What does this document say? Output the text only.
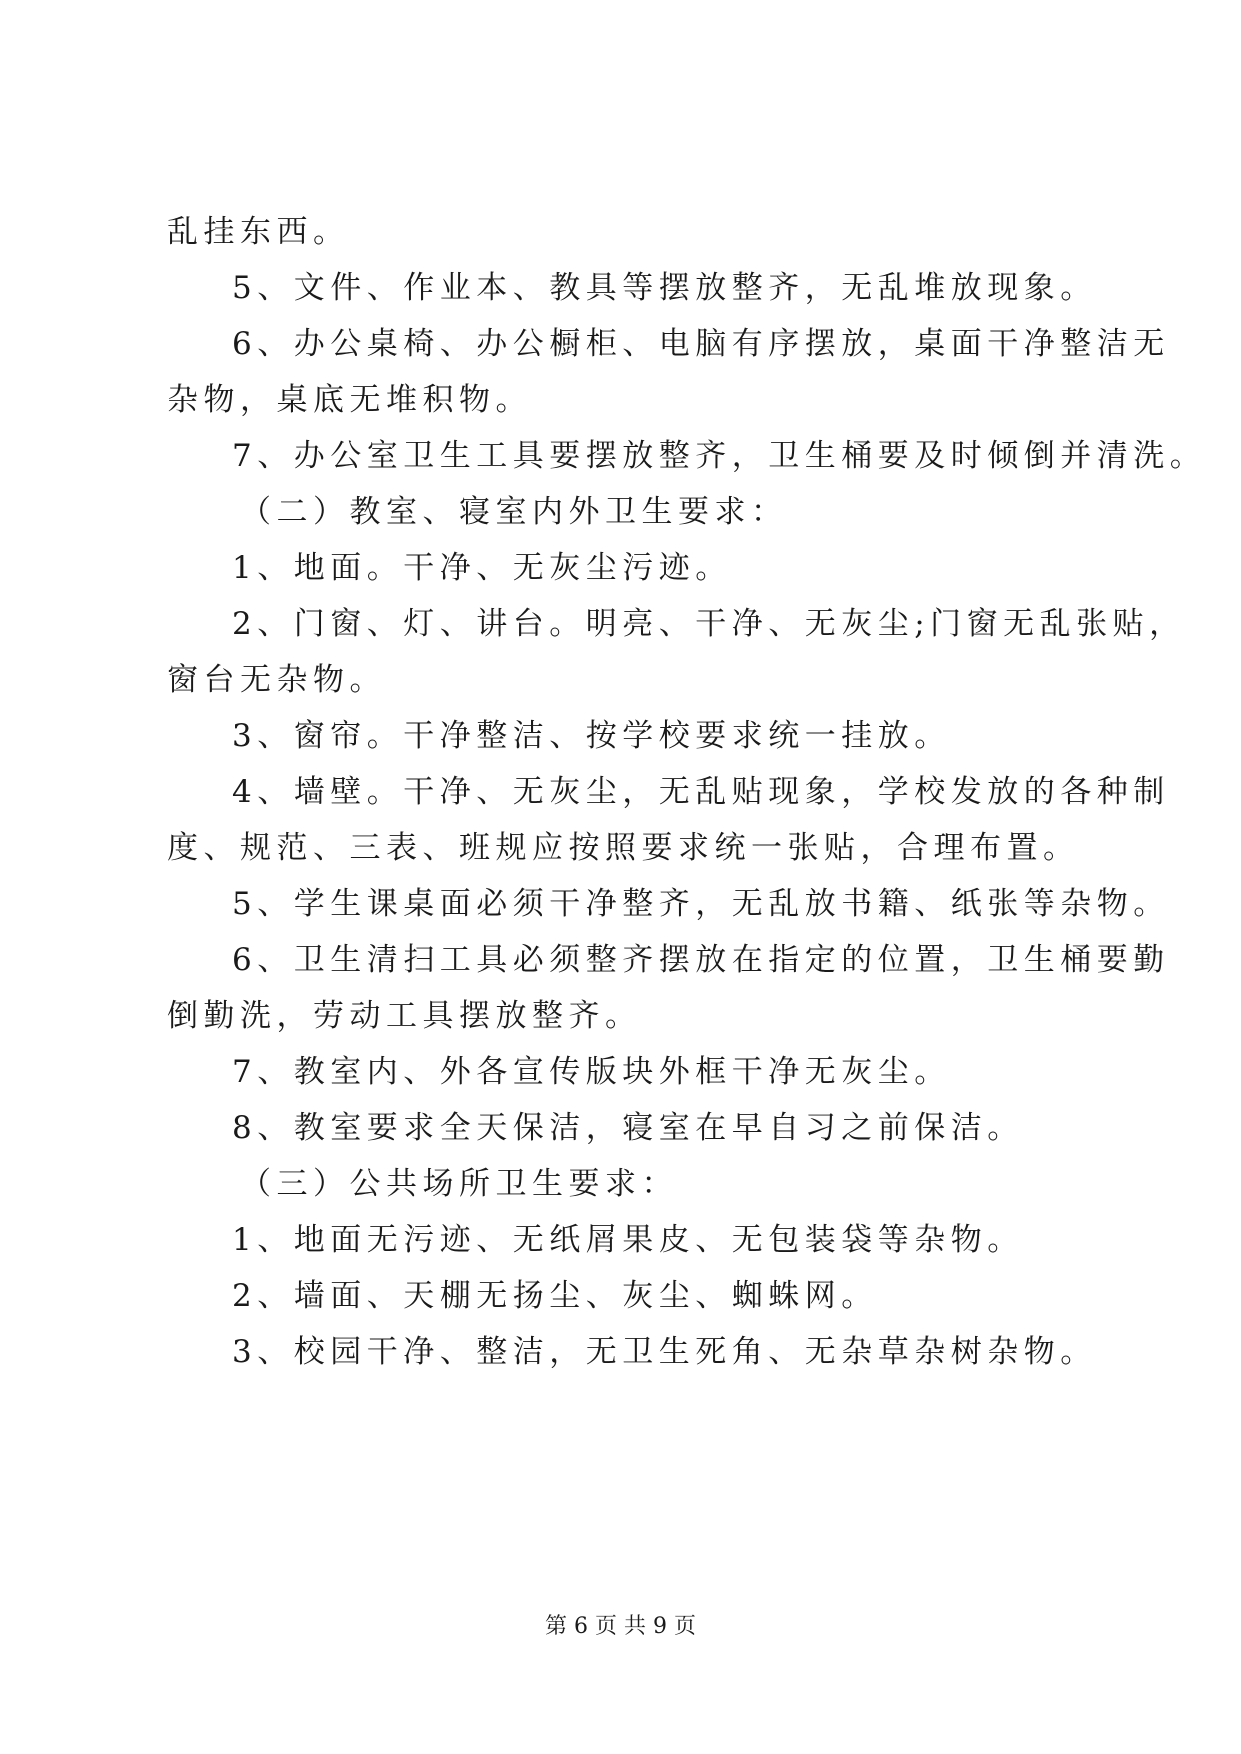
乱挂东西。
5、文件、作业本、教具等摆放整齐，无乱堆放现象。
6、办公桌椅、办公橱柜、电脑有序摆放，桌面干净整洁无
杂物，桌底无堆积物。
7、办公室卫生工具要摆放整齐，卫生桶要及时倾倒并清洗。
（二）教室、寝室内外卫生要求：
1、地面。干净、无灰尘污迹。
2、门窗、灯、讲台。明亮、干净、无灰尘;门窗无乱张贴，
窗台无杂物。
3、窗帘。干净整洁、按学校要求统一挂放。
4、墙壁。干净、无灰尘，无乱贴现象，学校发放的各种制
度、规范、三表、班规应按照要求统一张贴，合理布置。
5、学生课桌面必须干净整齐，无乱放书籍、纸张等杂物。
6、卫生清扫工具必须整齐摆放在指定的位置，卫生桶要勤
倒勤洗，劳动工具摆放整齐。
7、教室内、外各宣传版块外框干净无灰尘。
8、教室要求全天保洁，寝室在早自习之前保洁。
（三）公共场所卫生要求：
1、地面无污迹、无纸屑果皮、无包装袋等杂物。
2、墙面、天棚无扬尘、灰尘、蜘蛛网。
3、校园干净、整洁，无卫生死角、无杂草杂树杂物。
第 6 页 共 9 页
